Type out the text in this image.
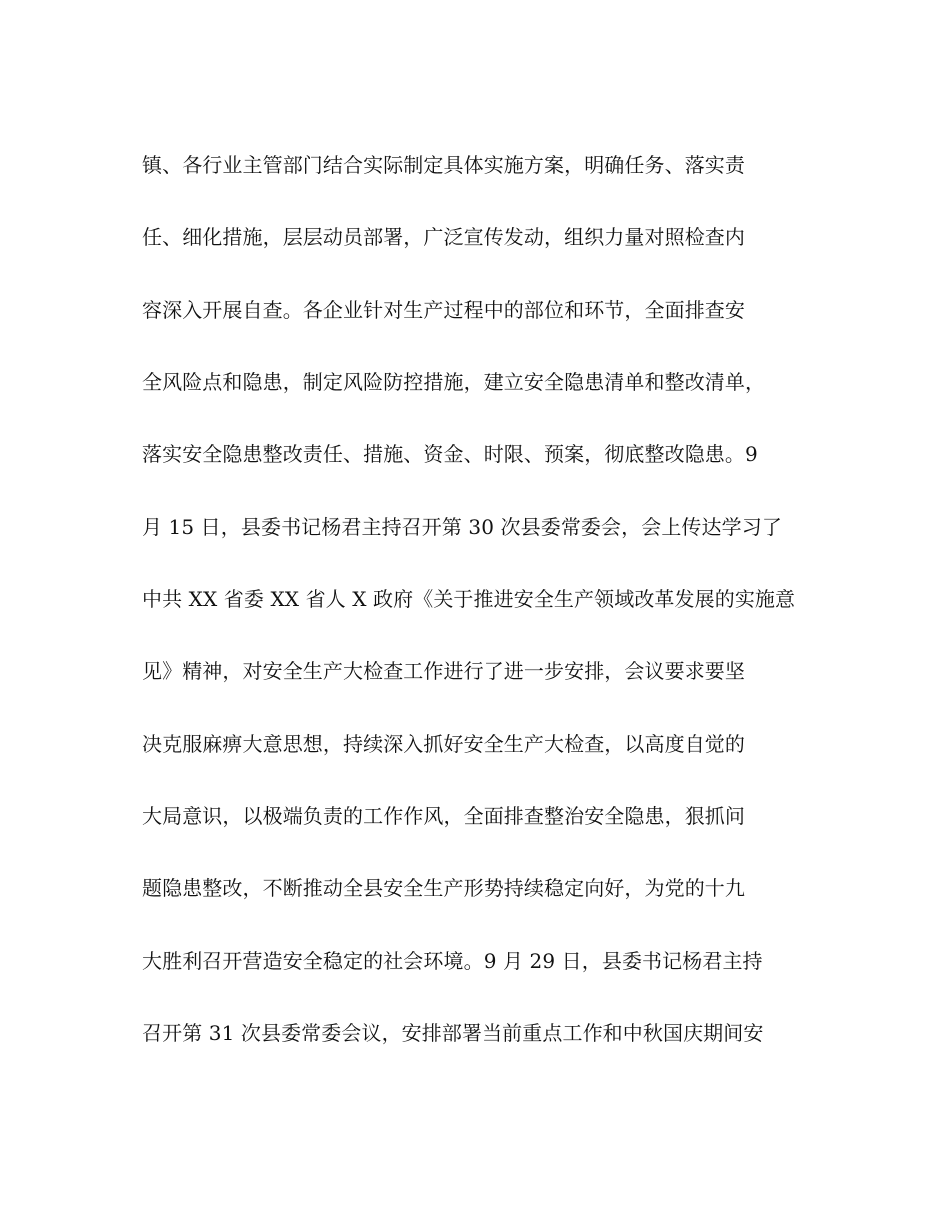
镇、各行业主管部门结合实际制定具体实施方案，明确任务、落实责
任、细化措施，层层动员部署，广泛宣传发动，组织力量对照检查内
容深入开展自查。各企业针对生产过程中的部位和环节，全面排查安
全风险点和隐患，制定风险防控措施，建立安全隐患清单和整改清单，
落实安全隐患整改责任、措施、资金、时限、预案，彻底整改隐患。9
月 15 日，县委书记杨君主持召开第 30 次县委常委会，会上传达学习了
中共 XX 省委 XX 省人 X 政府《关于推进安全生产领域改革发展的实施意
见》精神，对安全生产大检查工作进行了进一步安排，会议要求要坚
决克服麻痹大意思想，持续深入抓好安全生产大检查，以高度自觉的
大局意识，以极端负责的工作作风，全面排查整治安全隐患，狠抓问
题隐患整改，不断推动全县安全生产形势持续稳定向好，为党的十九
大胜利召开营造安全稳定的社会环境。9 月 29 日，县委书记杨君主持
召开第 31 次县委常委会议，安排部署当前重点工作和中秋国庆期间安
